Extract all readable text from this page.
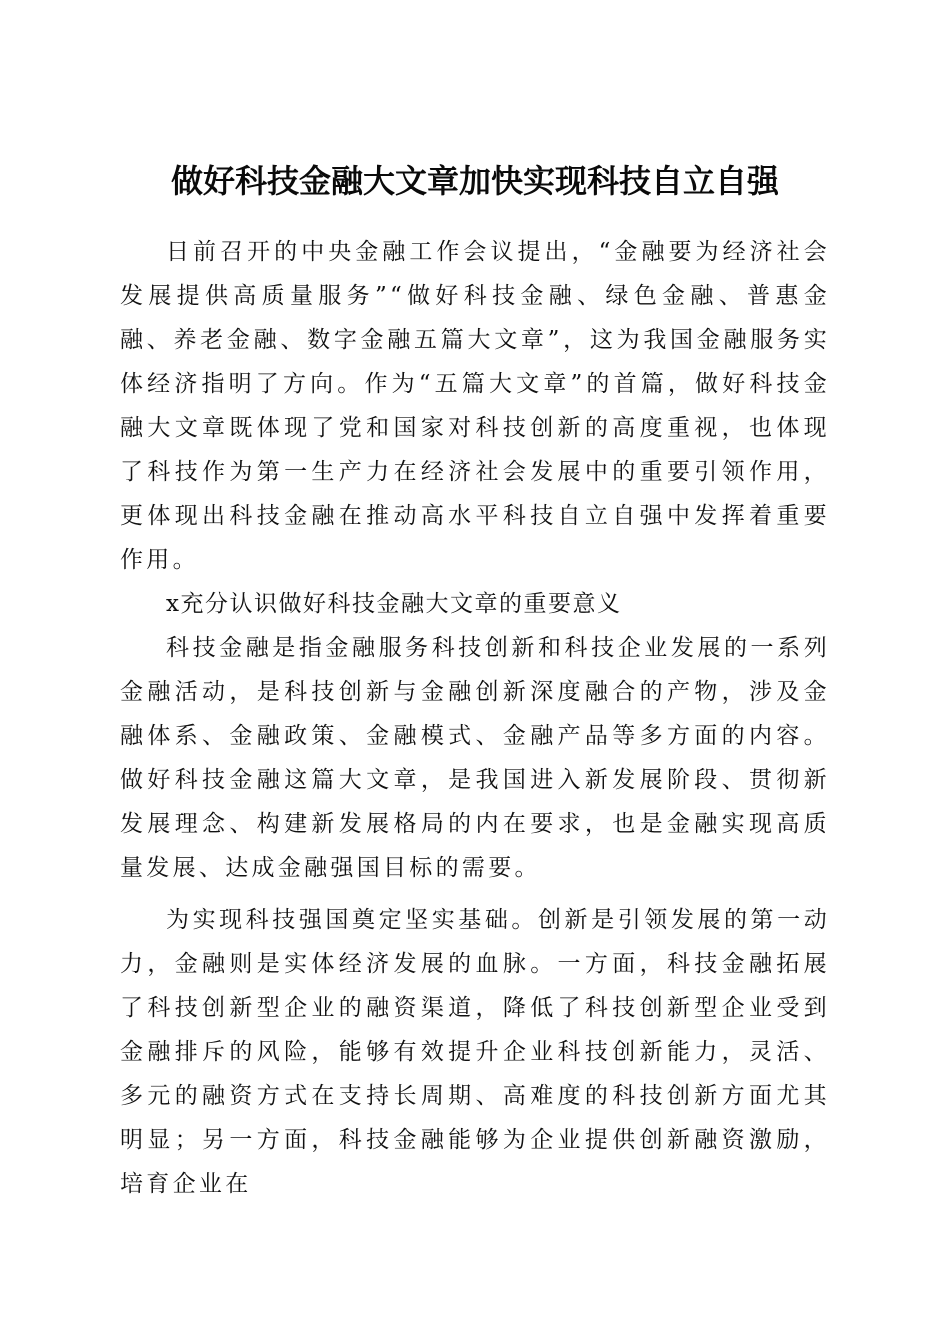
做好科技金融大文章加快实现科技自立自强

日前召开的中央金融工作会议提出，“金融要为经济社会发展提供高质量服务”“做好科技金融、绿色金融、普惠金融、养老金融、数字金融五篇大文章”，这为我国金融服务实体经济指明了方向。作为“五篇大文章”的首篇，做好科技金融大文章既体现了党和国家对科技创新的高度重视，也体现了科技作为第一生产力在经济社会发展中的重要引领作用，更体现出科技金融在推动高水平科技自立自强中发挥着重要作用。

x充分认识做好科技金融大文章的重要意义

科技金融是指金融服务科技创新和科技企业发展的一系列金融活动，是科技创新与金融创新深度融合的产物，涉及金融体系、金融政策、金融模式、金融产品等多方面的内容。做好科技金融这篇大文章，是我国进入新发展阶段、贯彻新发展理念、构建新发展格局的内在要求，也是金融实现高质量发展、达成金融强国目标的需要。

为实现科技强国奠定坚实基础。创新是引领发展的第一动力，金融则是实体经济发展的血脉。一方面，科技金融拓展了科技创新型企业的融资渠道，降低了科技创新型企业受到金融排斥的风险，能够有效提升企业科技创新能力，灵活、多元的融资方式在支持长周期、高难度的科技创新方面尤其明显；另一方面，科技金融能够为企业提供创新融资激励，培育企业在
